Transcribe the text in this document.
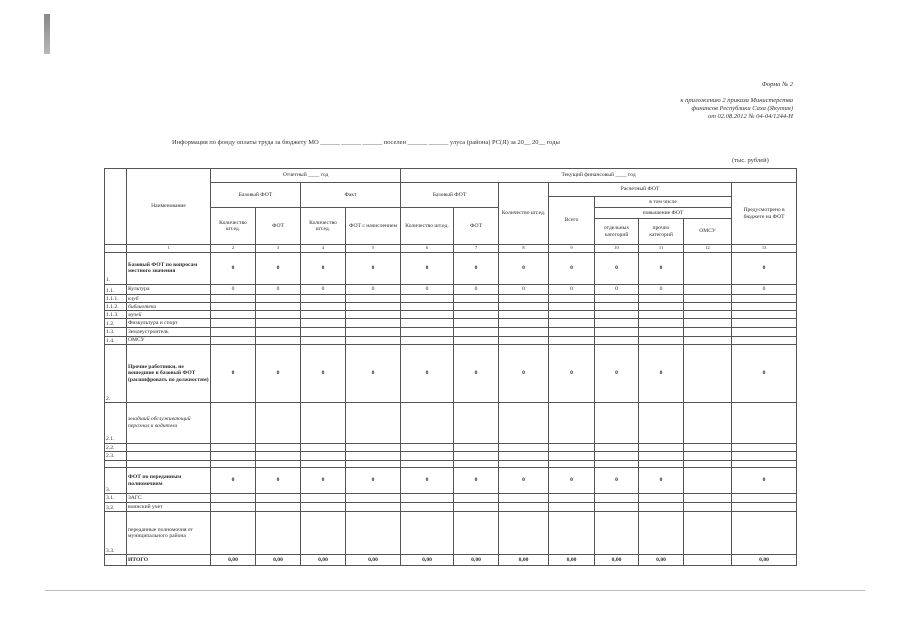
Форма № 2
к приложению 2 приказа Министерства
финансов Республики Саха (Якутия)
от 02.08.2012 № 04-04/1244-Н
Информация по фонду оплаты труда за бюджету МО ______ ______ ______ поселен ______ ______ улуса (района) РС(Я) за 20__ 20__ годы
(тыс. рублей)
	Наименование	Отчетный ____ год				Текущий финансовый ____ год							
		Базовый ФОТ		Факт		Базовый ФОТ		Количество шт.ед.	Расчетный ФОТ				Предусмотрено в бюджете на ФОТ
									Всего	в том числе			
		Количество шт.ед.	ФОТ	Количество шт.ед.	ФОТ с начислением	Количество шт.ед.	ФОТ			повышение ФОТ			
										отдельных категорий	прочих категорий	ОМСУ	
	1	2	3	4	5	6	7	8	9	10	11	12	13
1.	Базовый ФОТ по вопросам местного значения	0	0	0	0	0	0	0	0	0	0		0
1.1.	Культура	0	0	0	0	0	0	0	0	0	0		0
1.1.1.	клуб												
1.1.2.	библиотека												
1.1.3.	музей												
1.2.	Физкультура и спорт												
1.3.	Землеустроитель												
1.4.	ОМСУ												
2.	Прочие работники, не вошедшие в базовый ФОТ (расшифровать по должностям)	0	0	0	0	0	0	0	0	0	0		0
2.1.	младший обслуживающий персонал и водители												
2.2.													
2.3.													

3.	ФОТ по переданным полномочиям	0	0	0	0	0	0	0	0	0	0		0
3.1.	ЗАГС												
3.2.	воинский учет												
3.3.	переданные полномочия от муниципального района												
	ИТОГО	0,00	0,00	0,00	0,00	0,00	0,00	0,00	0,00	0,00	0,00		0,00
